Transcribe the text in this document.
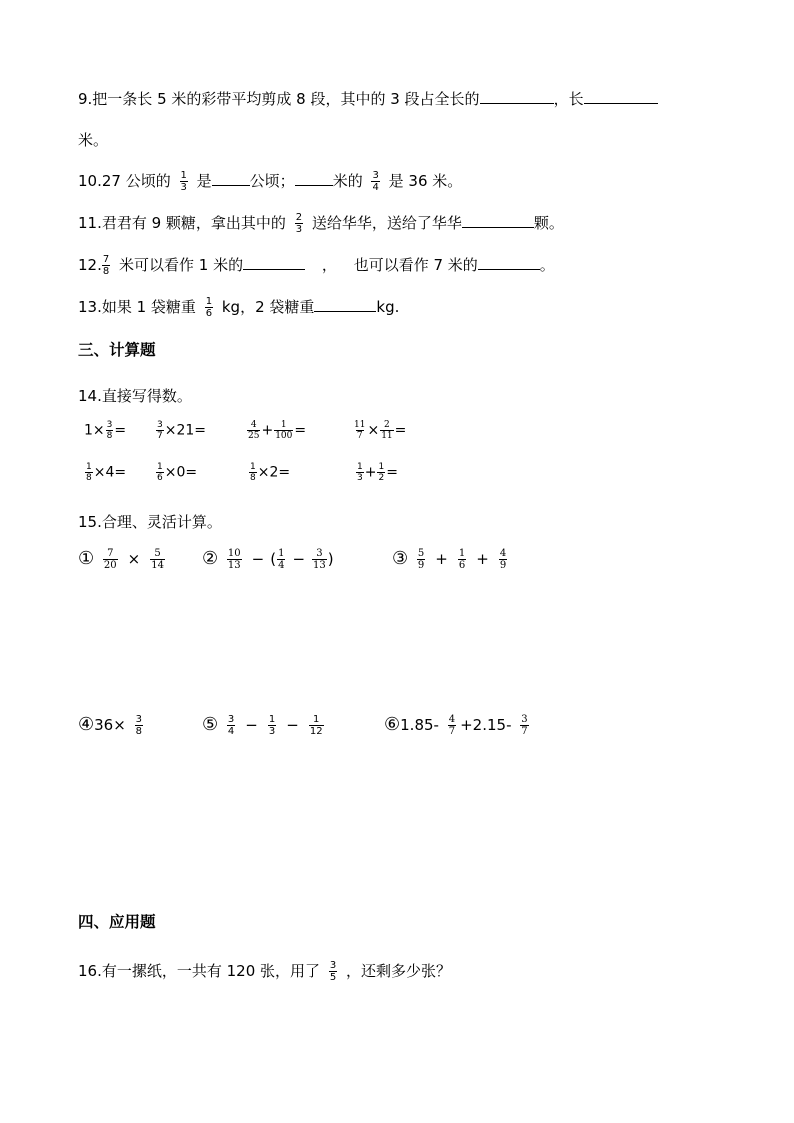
9.把一条长 5 米的彩带平均剪成 8 段，其中的 3 段占全长的	，长
米。
10.27 公顷的 $\frac{1}{3}$ 是	公顷；	米的 $\frac{3}{4}$ 是 36 米。
11.君君有 9 颗糖，拿出其中的 $\frac{2}{3}$ 送给华华，送给了华华	颗。
12. $\frac{7}{8}$ 米可以看作 1 米的	， 也可以看作 7 米的	。
13.如果 1 袋糖重 $\frac{1}{6}$ kg，2 袋糖重	kg.
三、计算题
14.直接写得数。
$1\times \frac{3}{8}$ =	$\frac{3}{7} \times 21=$	$\frac{4}{25} + \frac{1}{100}$ =	$\frac{11}{7} \times \frac{2}{11}$ =
$\frac{1}{8} \times 4=$	$\frac{1}{6} \times 0=$	$\frac{1}{8} \times 2=$	$\frac{1}{3} + \frac{1}{2}$ =
15.合理、灵活计算。
① $\frac{7}{20} \times \frac{5}{14}$ ② $\frac{10}{13}$ − ( $\frac{1}{4} - \frac{3}{13}$ )	③ $\frac{5}{9} + \frac{1}{6} + \frac{4}{9}$
④36× $\frac{3}{8}$	⑤ $\frac{3}{4} - \frac{1}{3} - \frac{1}{12}$	⑥1.85- $\frac{4}{7} +2.15- \frac{3}{7}$
四、应用题
16.有一摞纸，一共有 120 张，用了 $\frac{3}{5}$ ，还剩多少张？
